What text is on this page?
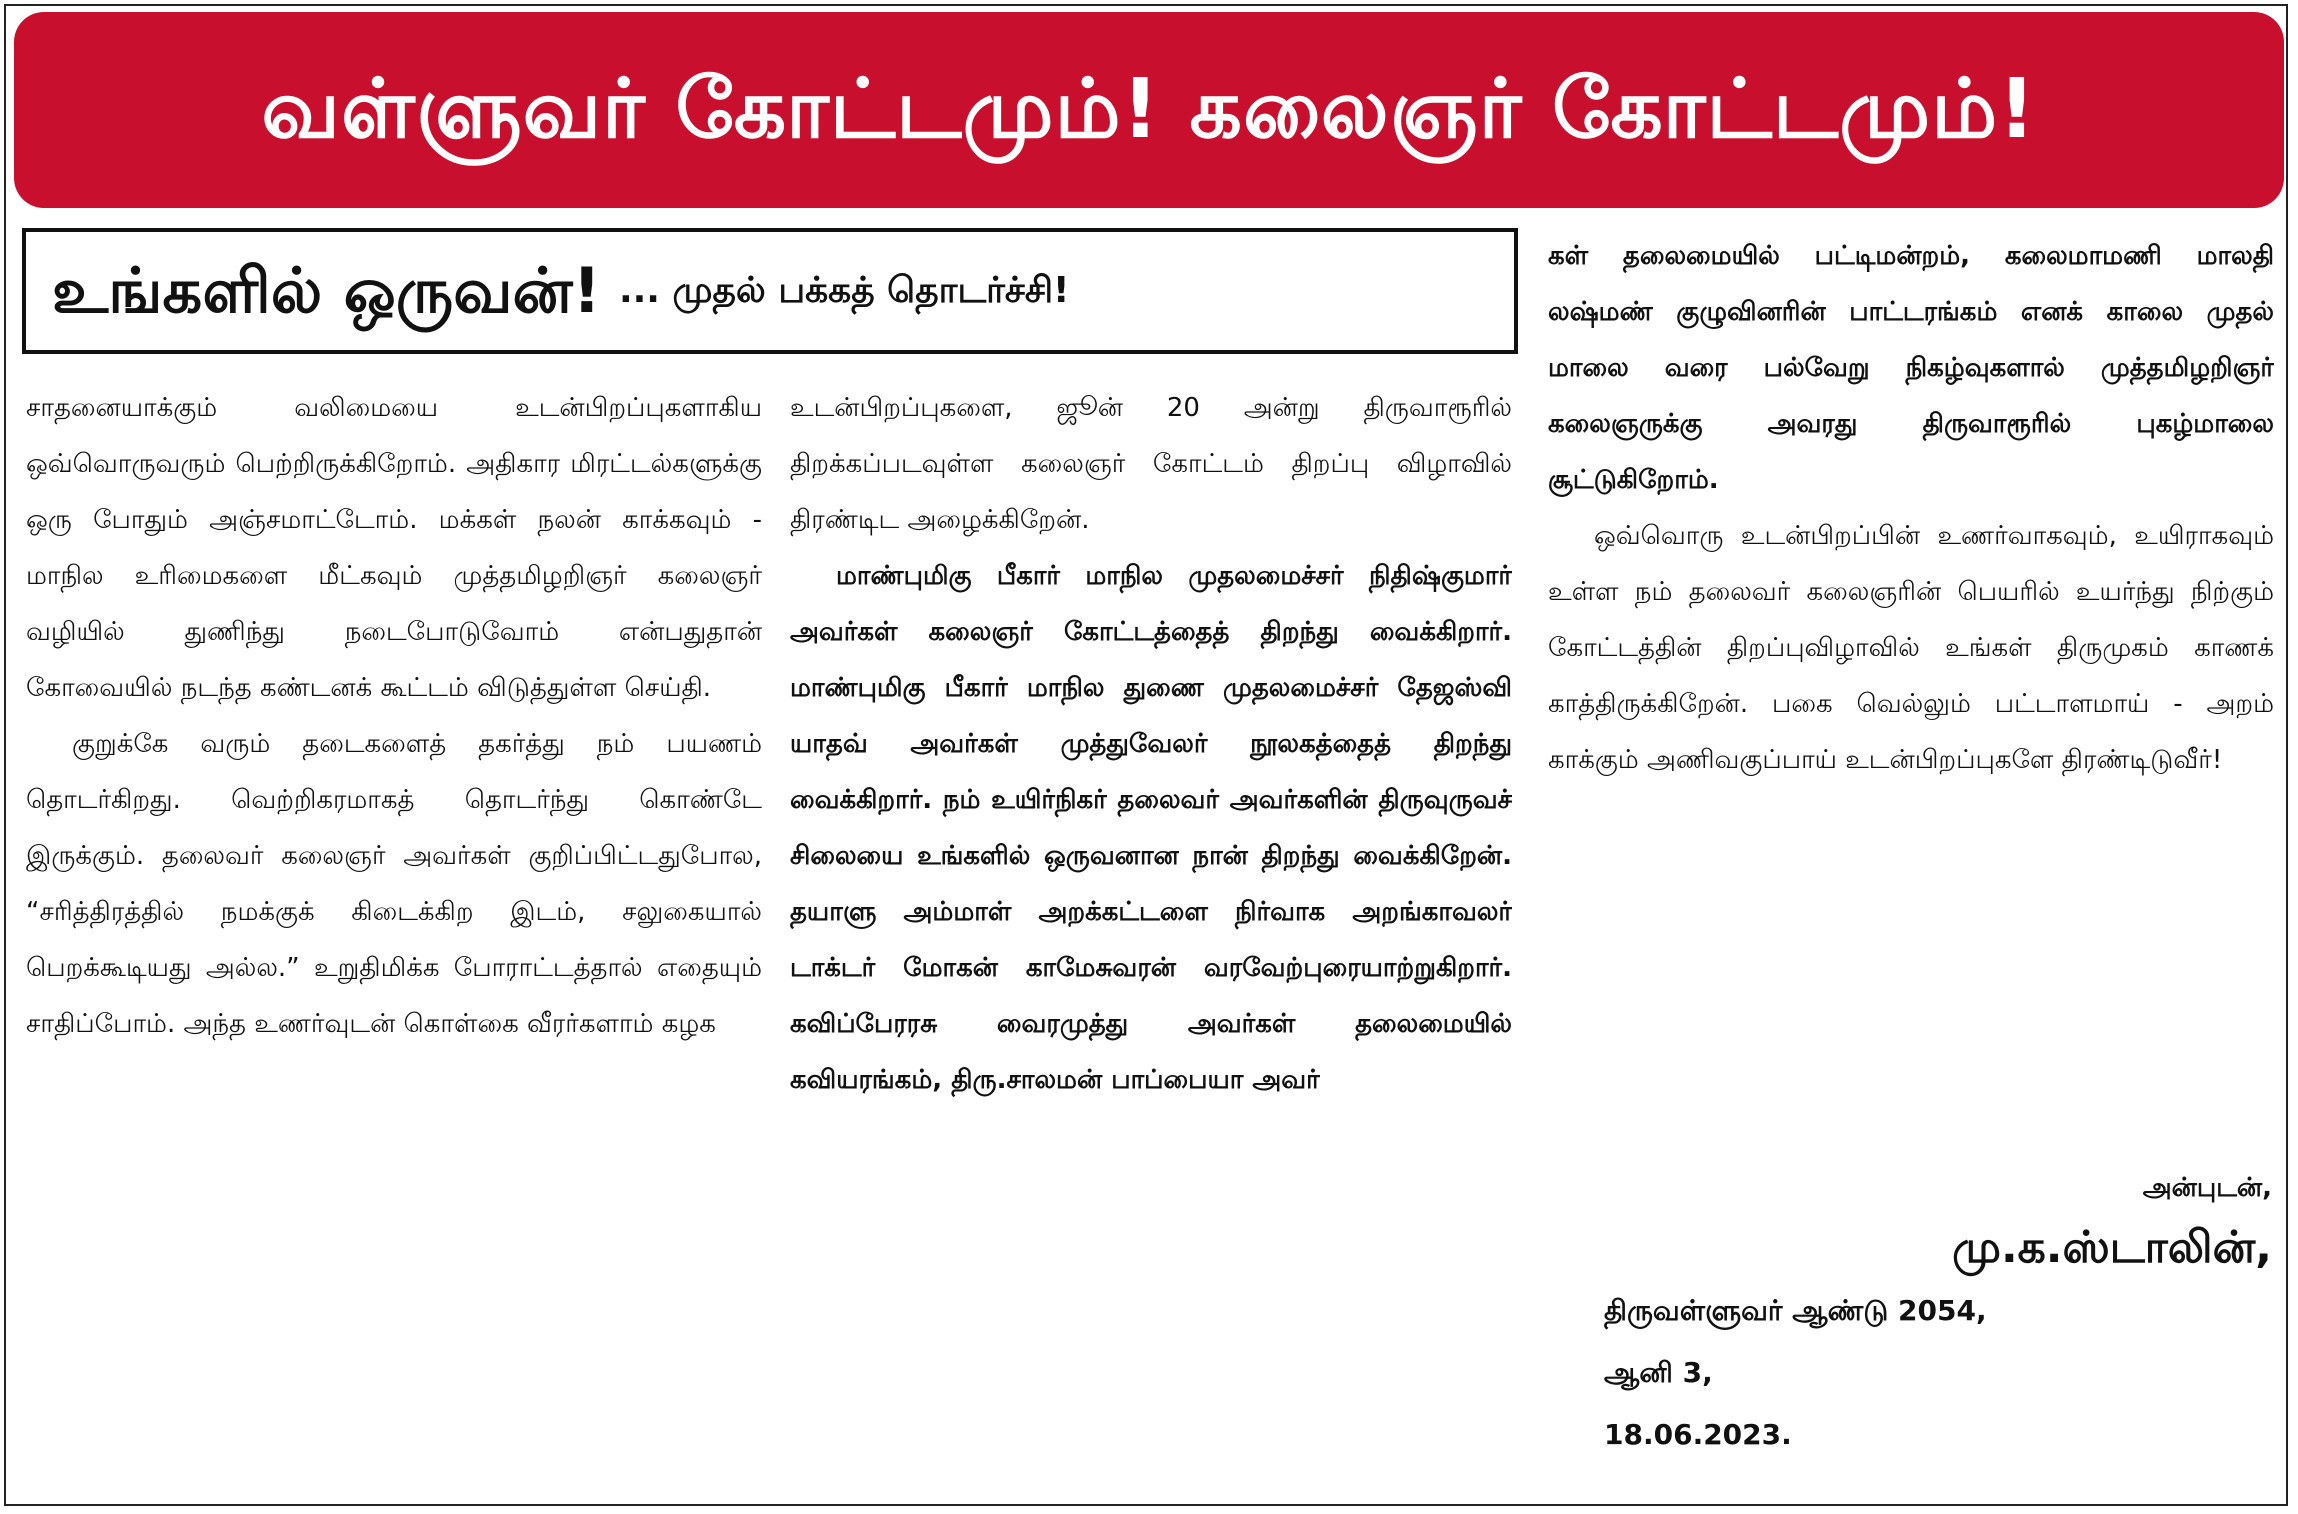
வள்ளுவர் கோட்டமும்! கலைஞர் கோட்டமும்!
உங்களில் ஒருவன்! ... முதல் பக்கத் தொடர்ச்சி!

சாதனையாக்கும் வலிமையை உடன்பிறப்புகளாகிய ஒவ்வொருவரும் பெற்றிருக்கிறோம். அதிகார மிரட்டல்களுக்கு ஒரு போதும் அஞ்சமாட்டோம். மக்கள் நலன் காக்கவும் - மாநில உரிமைகளை மீட்கவும் முத்தமிழறிஞர் கலைஞர் வழியில் துணிந்து நடைபோடுவோம் என்பதுதான் கோவையில் நடந்த கண்டனக் கூட்டம் விடுத்துள்ள செய்தி.

குறுக்கே வரும் தடைகளைத் தகர்த்து நம் பயணம் தொடர்கிறது. வெற்றிகரமாகத் தொடர்ந்து கொண்டே இருக்கும். தலைவர் கலைஞர் அவர்கள் குறிப்பிட்டதுபோல, “சரித்திரத்தில் நமக்குக் கிடைக்கிற இடம், சலுகையால் பெறக்கூடியது அல்ல.” உறுதிமிக்க போராட்டத்தால் எதையும் சாதிப்போம். அந்த உணர்வுடன் கொள்கை வீரர்களாம் கழக

உடன்பிறப்புகளை, ஜூன் 20 அன்று திருவாரூரில் திறக்கப்படவுள்ள கலைஞர் கோட்டம் திறப்பு விழாவில் திரண்டிட அழைக்கிறேன்.

மாண்புமிகு பீகார் மாநில முதலமைச்சர் நிதிஷ்குமார் அவர்கள் கலைஞர் கோட்டத்தைத் திறந்து வைக்கிறார். மாண்புமிகு பீகார் மாநில துணை முதலமைச்சர் தேஜஸ்வி யாதவ் அவர்கள் முத்துவேலர் நூலகத்தைத் திறந்து வைக்கிறார். நம் உயிர்நிகர் தலைவர் அவர்களின் திருவுருவச் சிலையை உங்களில் ஒருவனான நான் திறந்து வைக்கிறேன். தயாளு அம்மாள் அறக்கட்டளை நிர்வாக அறங்காவலர் டாக்டர் மோகன் காமேசுவரன் வரவேற்புரையாற்றுகிறார். கவிப்பேரரசு வைரமுத்து அவர்கள் தலைமையில் கவியரங்கம், திரு.சாலமன் பாப்பையா அவர்

கள் தலைமையில் பட்டிமன்றம், கலைமாமணி மாலதி லஷ்மண் குழுவினரின் பாட்டரங்கம் எனக் காலை முதல் மாலை வரை பல்வேறு நிகழ்வுகளால் முத்தமிழறிஞர் கலைஞருக்கு அவரது திருவாரூரில் புகழ்மாலை சூட்டுகிறோம்.

ஒவ்வொரு உடன்பிறப்பின் உணர்வாகவும், உயிராகவும் உள்ள நம் தலைவர் கலைஞரின் பெயரில் உயர்ந்து நிற்கும் கோட்டத்தின் திறப்புவிழாவில் உங்கள் திருமுகம் காணக் காத்திருக்கிறேன். பகை வெல்லும் பட்டாளமாய் - அறம் காக்கும் அணிவகுப்பாய் உடன்பிறப்புகளே திரண்டிடுவீர்!

அன்புடன்,
மு.க.ஸ்டாலின்,
திருவள்ளுவர் ஆண்டு 2054,
ஆனி 3,
18.06.2023.
